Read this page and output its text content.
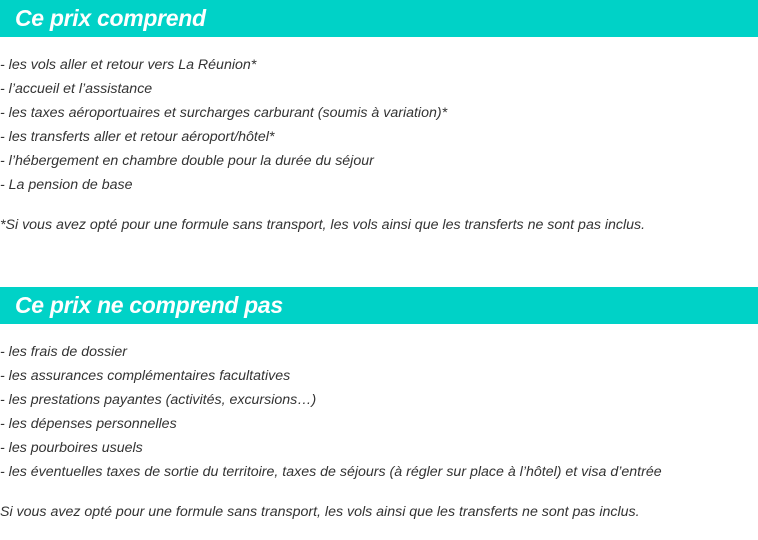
Ce prix comprend
- les vols aller et retour vers La Réunion*
- l’accueil et l’assistance
- les taxes aéroportuaires et surcharges carburant (soumis à variation)*
- les transferts aller et retour aéroport/hôtel*
- l’hébergement en chambre double pour la durée du séjour
- La pension de base

*Si vous avez opté pour une formule sans transport, les vols ainsi que les transferts ne sont pas inclus.

Ce prix ne comprend pas
- les frais de dossier
- les assurances complémentaires facultatives
- les prestations payantes (activités, excursions…)
- les dépenses personnelles
- les pourboires usuels
- les éventuelles taxes de sortie du territoire, taxes de séjours (à régler sur place à l’hôtel) et visa d’entrée

Si vous avez opté pour une formule sans transport, les vols ainsi que les transferts ne sont pas inclus.
